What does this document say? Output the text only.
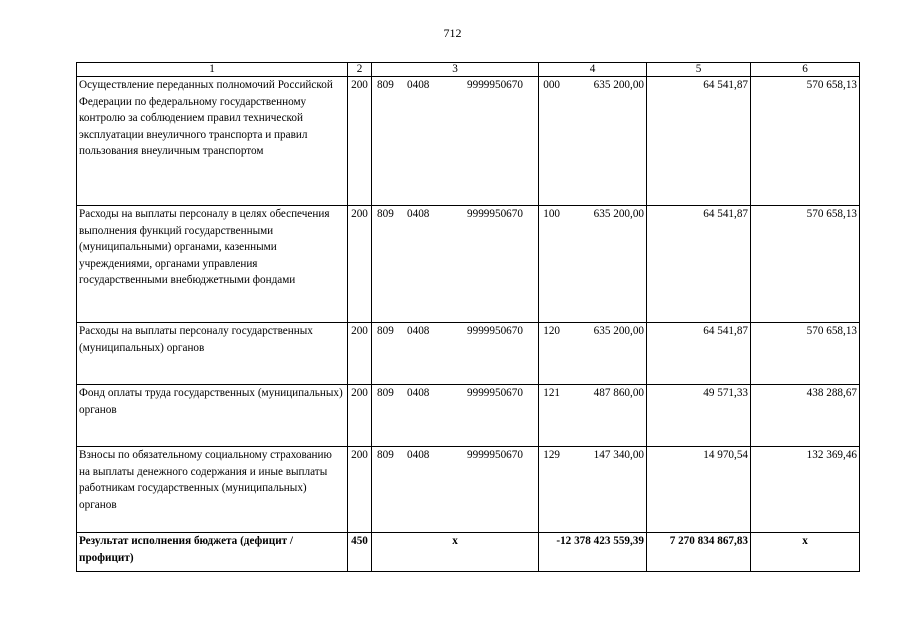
712
1	2	3	4	5	6
Осуществление переданных полномочий Российской Федерации по федеральному государственному контролю за соблюдением правил технической эксплуатации внеуличного транспорта и правил пользования внеуличным транспортом	200	809 0408 9999950670 000	635 200,00	64 541,87	570 658,13
Расходы на выплаты персоналу в целях обеспечения выполнения функций государственными (муниципальными) органами, казенными учреждениями, органами управления государственными внебюджетными фондами	200	809 0408 9999950670 100	635 200,00	64 541,87	570 658,13
Расходы на выплаты персоналу государственных (муниципальных) органов	200	809 0408 9999950670 120	635 200,00	64 541,87	570 658,13
Фонд оплаты труда государственных (муниципальных) органов	200	809 0408 9999950670 121	487 860,00	49 571,33	438 288,67
Взносы по обязательному социальному страхованию на выплаты денежного содержания и иные выплаты работникам государственных (муниципальных) органов	200	809 0408 9999950670 129	147 340,00	14 970,54	132 369,46
Результат исполнения бюджета (дефицит / профицит)	450	х	-12 378 423 559,39	7 270 834 867,83	х
